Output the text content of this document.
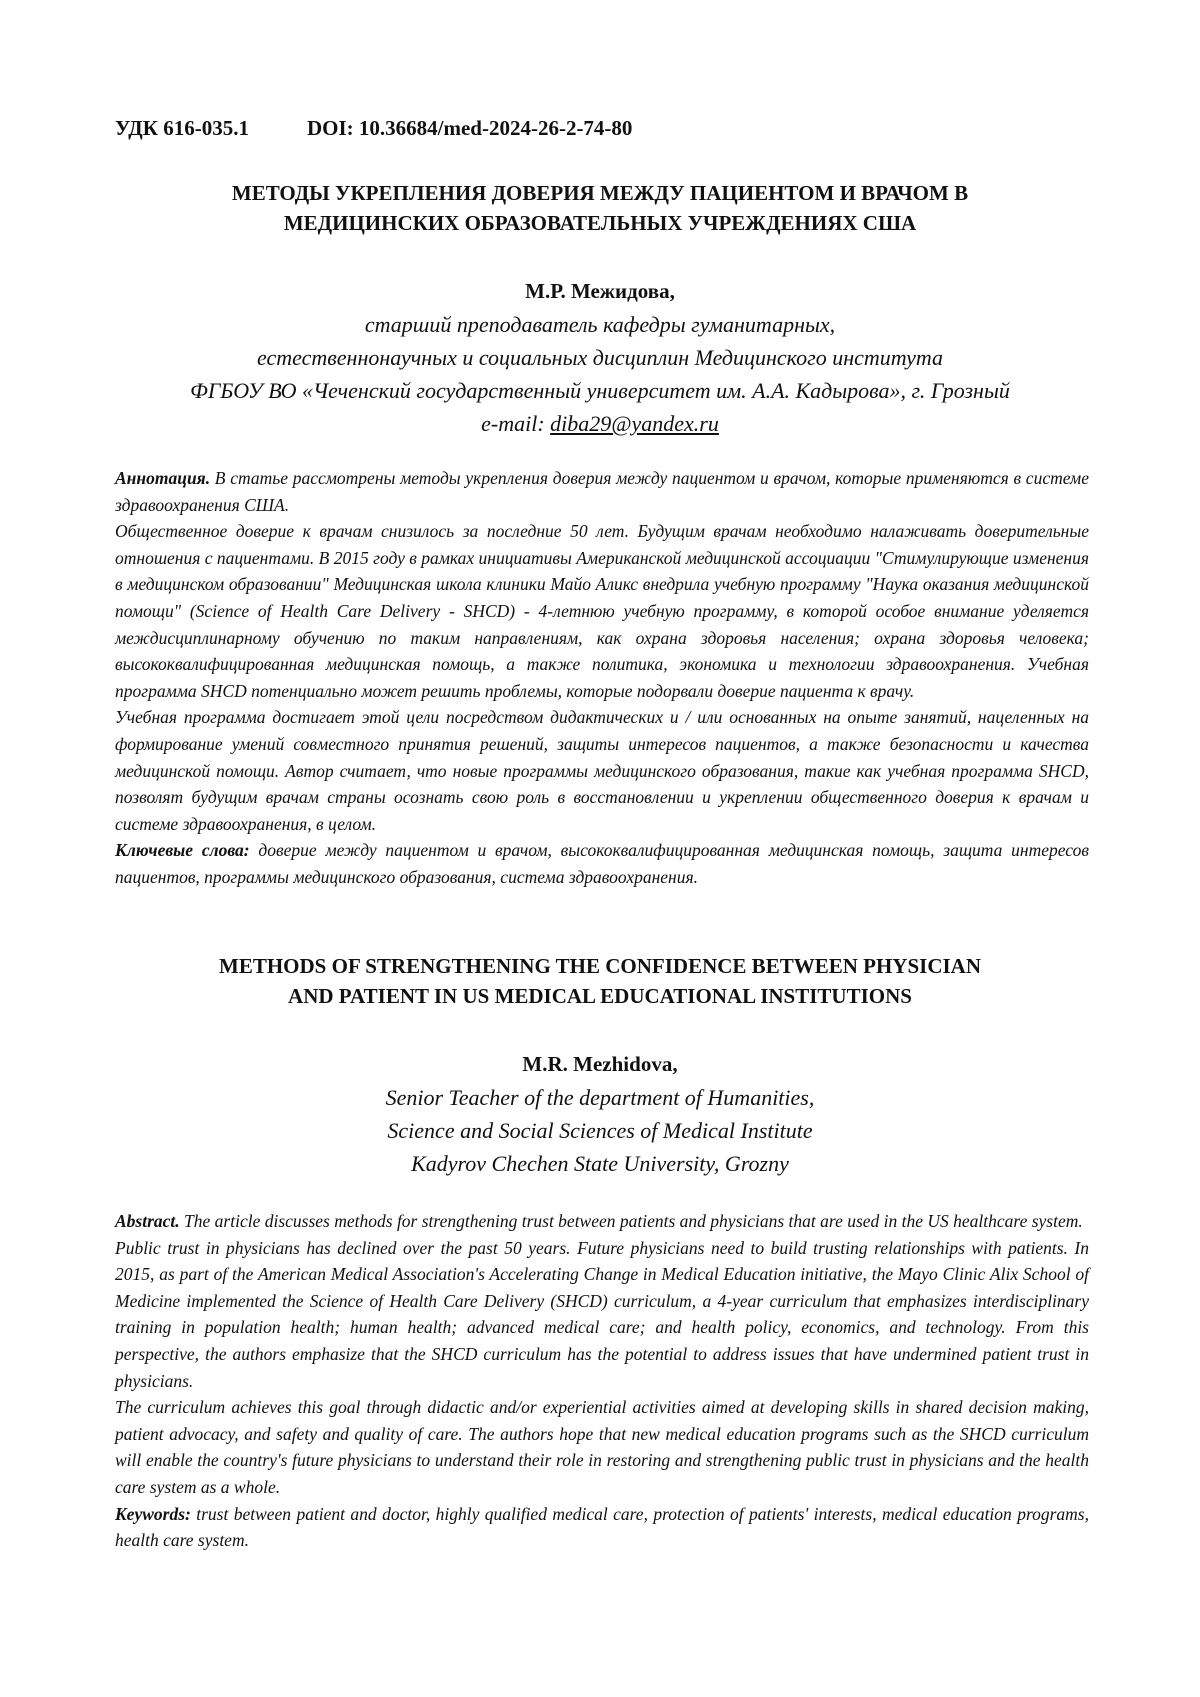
УДК 616-035.1	DOI: 10.36684/med-2024-26-2-74-80
МЕТОДЫ УКРЕПЛЕНИЯ ДОВЕРИЯ МЕЖДУ ПАЦИЕНТОМ И ВРАЧОМ В
МЕДИЦИНСКИХ ОБРАЗОВАТЕЛЬНЫХ УЧРЕЖДЕНИЯХ США
М.Р. Межидова,
старший преподаватель кафедры гуманитарных,
естественнонаучных и социальных дисциплин Медицинского института
ФГБОУ ВО «Чеченский государственный университет им. А.А. Кадырова», г. Грозный
e-mail: diba29@yandex.ru

Аннотация. В статье рассмотрены методы укрепления доверия между пациентом и врачом, которые применяются в системе здравоохранения США.

Общественное доверие к врачам снизилось за последние 50 лет. Будущим врачам необходимо налаживать доверительные отношения с пациентами. В 2015 году в рамках инициативы Американской медицинской ассоциации "Стимулирующие изменения в медицинском образовании" Медицинская школа клиники Майо Аликс внедрила учебную программу "Наука оказания медицинской помощи" (Science of Health Care Delivery - SHCD) - 4-летнюю учебную программу, в которой особое внимание уделяется междисциплинарному обучению по таким направлениям, как охрана здоровья населения; охрана здоровья человека; высококвалифицированная медицинская помощь, а также политика, экономика и технологии здравоохранения. Учебная программа SHCD потенциально может решить проблемы, которые подорвали доверие пациента к врачу.

Учебная программа достигает этой цели посредством дидактических и / или основанных на опыте занятий, нацеленных на формирование умений совместного принятия решений, защиты интересов пациентов, а также безопасности и качества медицинской помощи. Автор считает, что новые программы медицинского образования, такие как учебная программа SHCD, позволят будущим врачам страны осознать свою роль в восстановлении и укреплении общественного доверия к врачам и системе здравоохранения, в целом.

Ключевые слова: доверие между пациентом и врачом, высококвалифицированная медицинская помощь, защита интересов пациентов, программы медицинского образования, система здравоохранения.

METHODS OF STRENGTHENING THE CONFIDENCE BETWEEN PHYSICIAN
AND PATIENT IN US MEDICAL EDUCATIONAL INSTITUTIONS
M.R. Mezhidova,
Senior Teacher of the department of Humanities,
Science and Social Sciences of Medical Institute
Kadyrov Chechen State University, Grozny

Abstract. The article discusses methods for strengthening trust between patients and physicians that are used in the US healthcare system.

Public trust in physicians has declined over the past 50 years. Future physicians need to build trusting relationships with patients. In 2015, as part of the American Medical Association's Accelerating Change in Medical Education initiative, the Mayo Clinic Alix School of Medicine implemented the Science of Health Care Delivery (SHCD) curriculum, a 4-year curriculum that emphasizes interdisciplinary training in population health; human health; advanced medical care; and health policy, economics, and technology. From this perspective, the authors emphasize that the SHCD curriculum has the potential to address issues that have undermined patient trust in physicians.

The curriculum achieves this goal through didactic and/or experiential activities aimed at developing skills in shared decision making, patient advocacy, and safety and quality of care. The authors hope that new medical education programs such as the SHCD curriculum will enable the country's future physicians to understand their role in restoring and strengthening public trust in physicians and the health care system as a whole.

Keywords: trust between patient and doctor, highly qualified medical care, protection of patients' interests, medical education programs, health care system.
